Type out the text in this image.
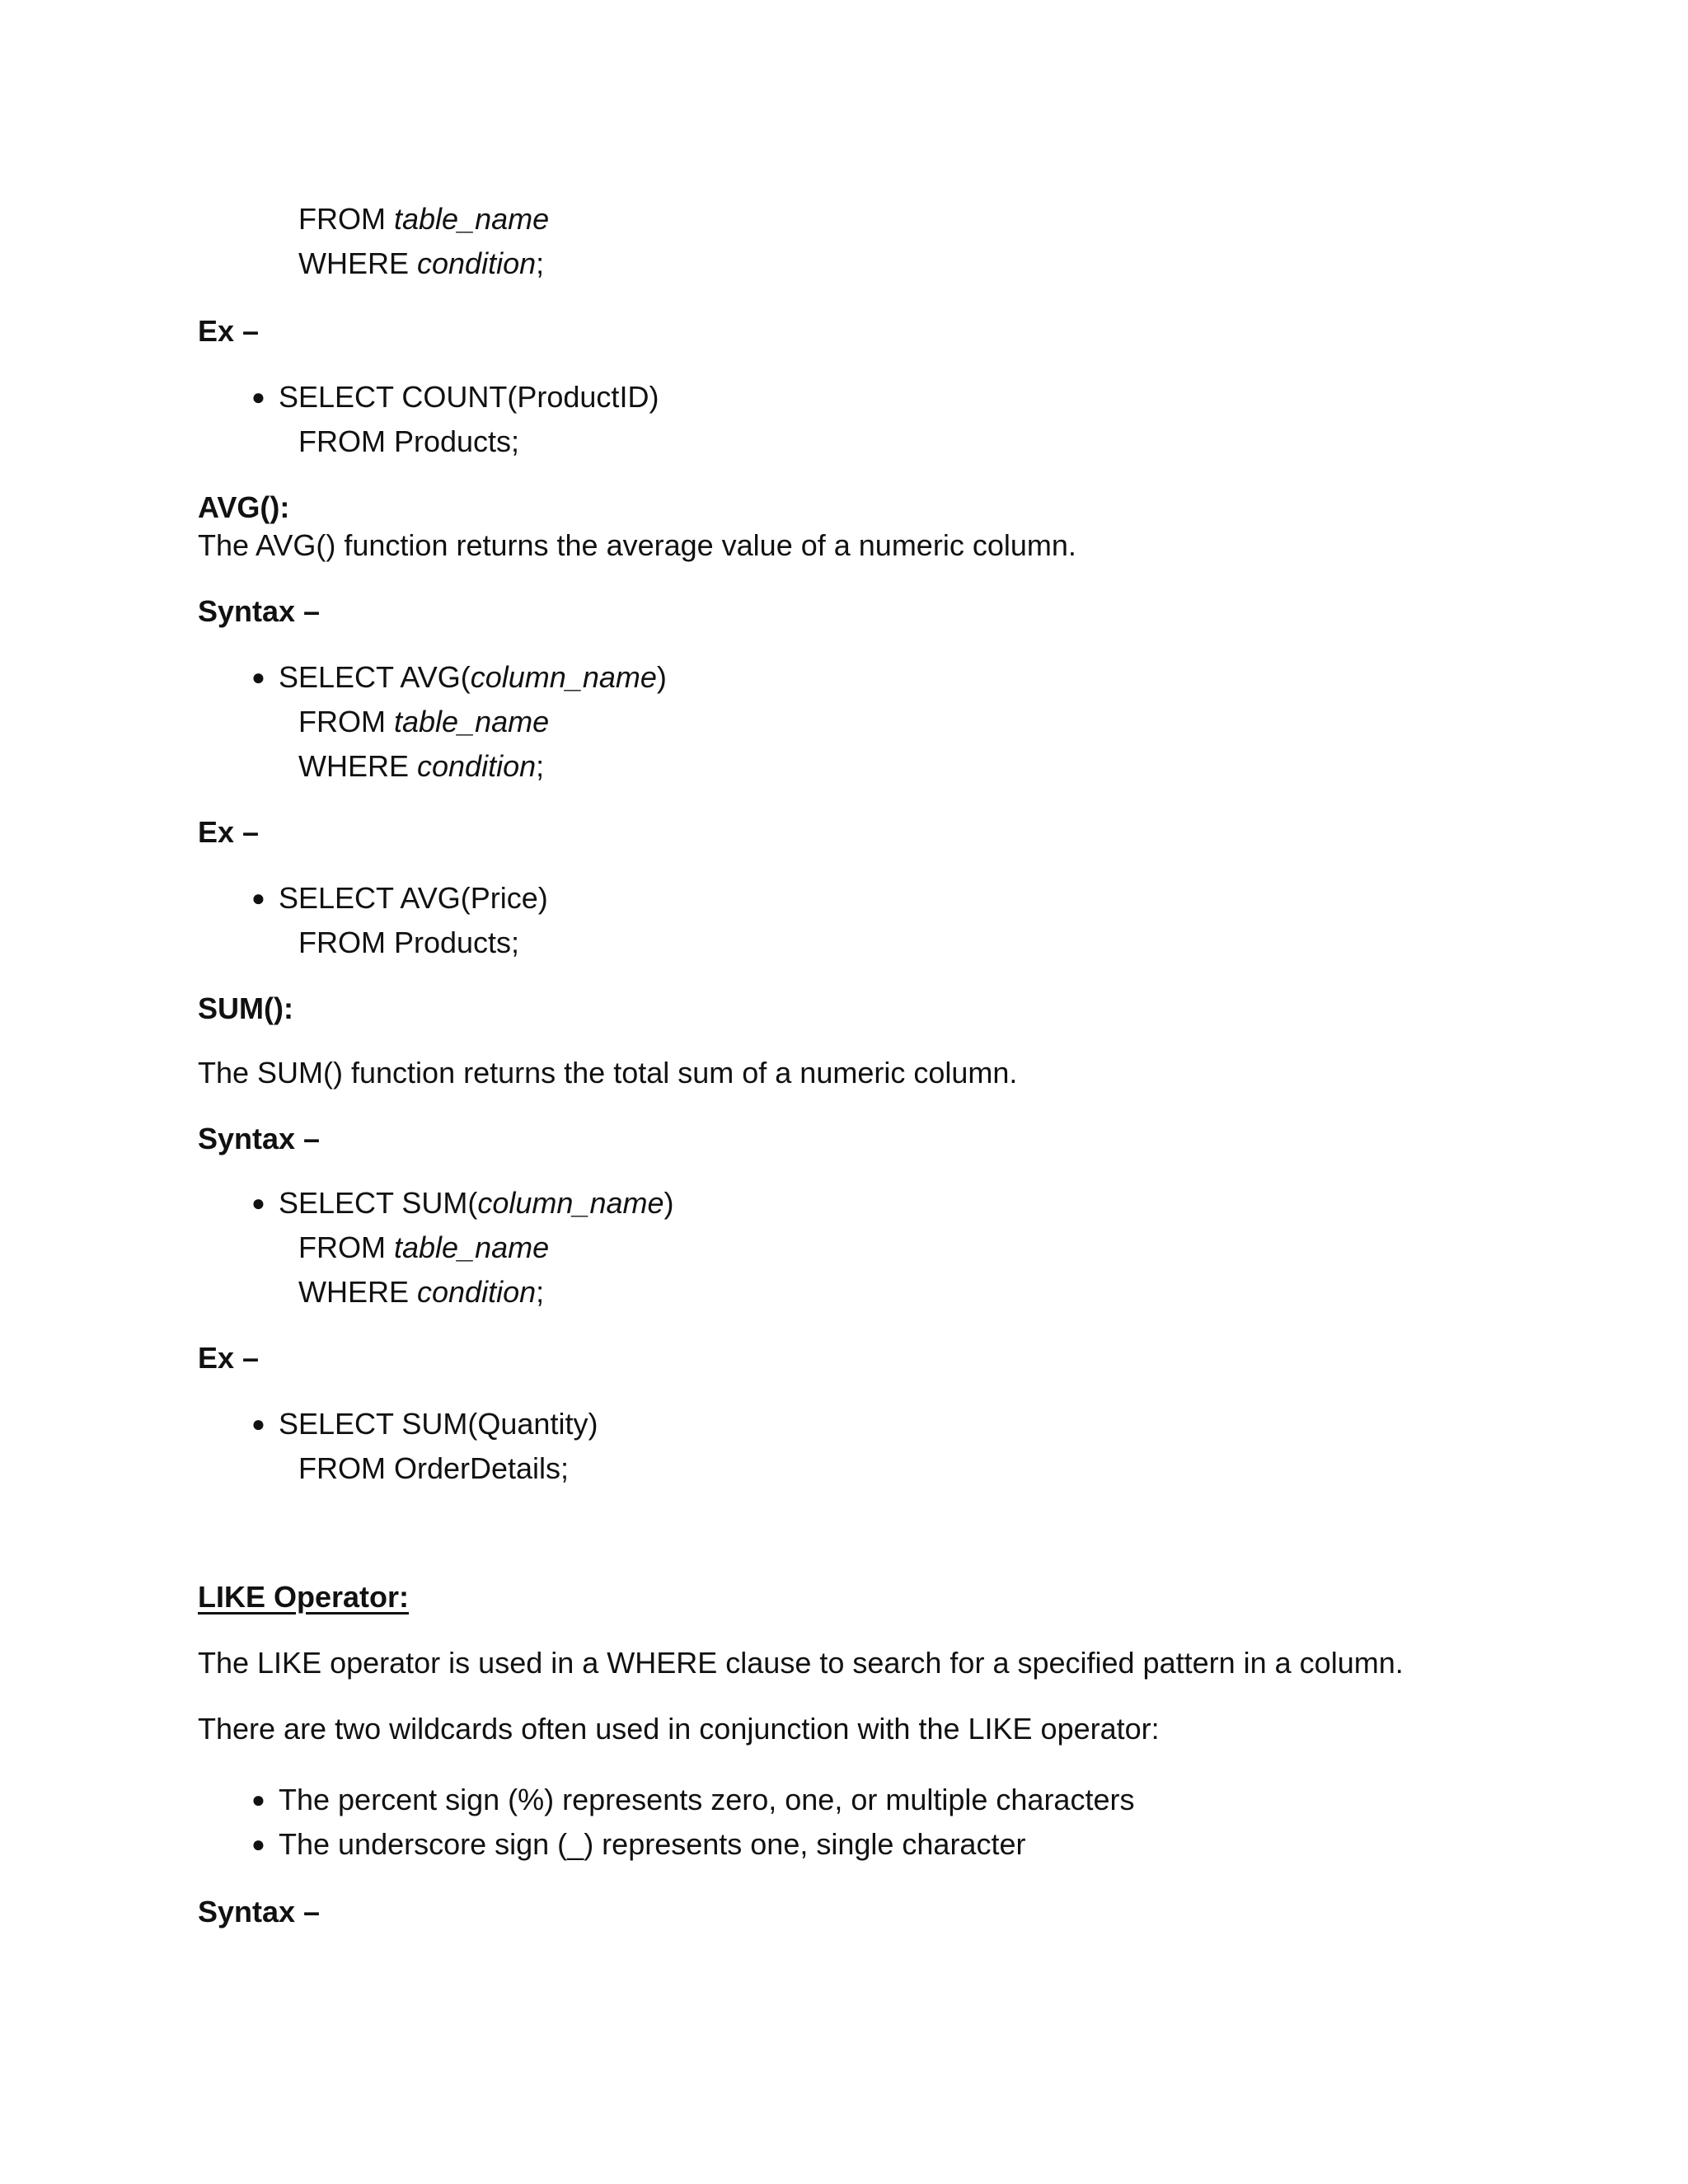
FROM table_name
WHERE condition;
Ex –
● SELECT COUNT(ProductID)
FROM Products;
AVG():
The AVG() function returns the average value of a numeric column.
Syntax –
● SELECT AVG(column_name)
FROM table_name
WHERE condition;
Ex –
● SELECT AVG(Price)
FROM Products;
SUM():
The SUM() function returns the total sum of a numeric column.
Syntax –
● SELECT SUM(column_name)
FROM table_name
WHERE condition;
Ex –
● SELECT SUM(Quantity)
FROM OrderDetails;
LIKE Operator:
The LIKE operator is used in a WHERE clause to search for a specified pattern in a column.
There are two wildcards often used in conjunction with the LIKE operator:
● The percent sign (%) represents zero, one, or multiple characters
● The underscore sign (_) represents one, single character
Syntax –
